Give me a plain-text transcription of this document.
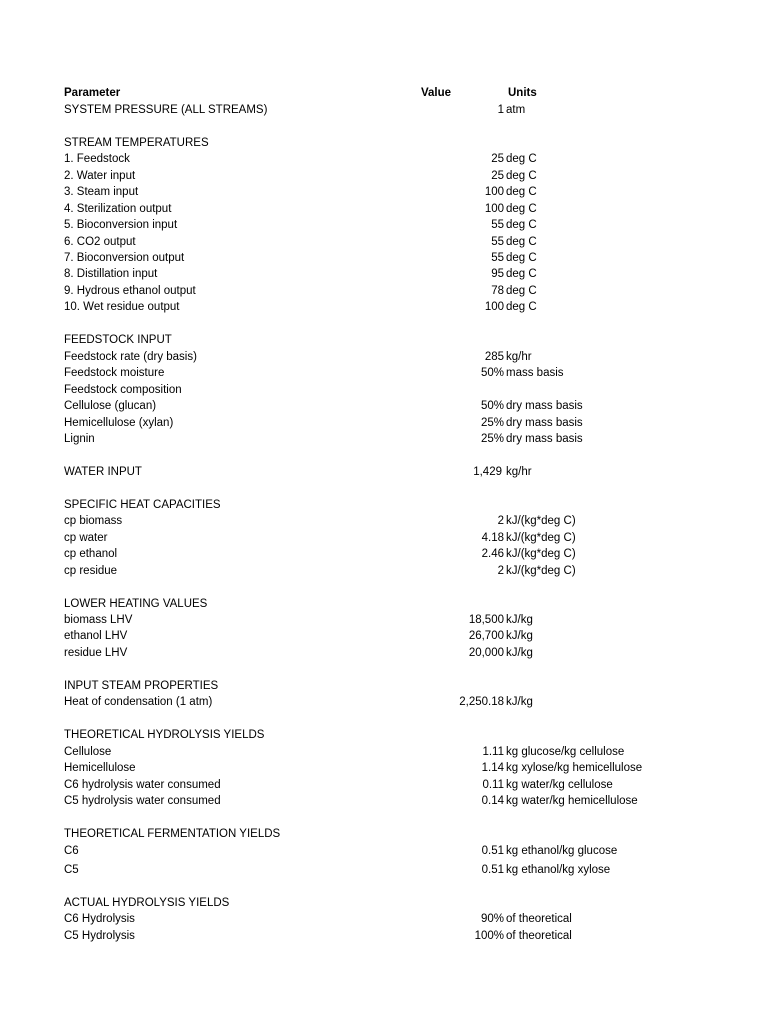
Parameter	Value	Units
SYSTEM PRESSURE (ALL STREAMS)	1 atm
STREAM TEMPERATURES
1. Feedstock	25 deg C
2. Water input	25 deg C
3. Steam input	100 deg C
4. Sterilization output	100 deg C
5. Bioconversion input	55 deg C
6. CO2 output	55 deg C
7. Bioconversion output	55 deg C
8. Distillation input	95 deg C
9. Hydrous ethanol output	78 deg C
10. Wet residue output	100 deg C
FEEDSTOCK INPUT
Feedstock rate (dry basis)	285 kg/hr
Feedstock moisture	50% mass basis
Feedstock composition
Cellulose (glucan)	50% dry mass basis
Hemicellulose (xylan)	25% dry mass basis
Lignin	25% dry mass basis
WATER INPUT	1,429 kg/hr
SPECIFIC HEAT CAPACITIES
cp biomass	2 kJ/(kg*deg C)
cp water	4.18 kJ/(kg*deg C)
cp ethanol	2.46 kJ/(kg*deg C)
cp residue	2 kJ/(kg*deg C)
LOWER HEATING VALUES
biomass LHV	18,500 kJ/kg
ethanol LHV	26,700 kJ/kg
residue LHV	20,000 kJ/kg
INPUT STEAM PROPERTIES
Heat of condensation (1 atm)	2,250.18 kJ/kg
THEORETICAL HYDROLYSIS YIELDS
Cellulose	1.11 kg glucose/kg cellulose
Hemicellulose	1.14 kg xylose/kg hemicellulose
C6 hydrolysis water consumed	0.11 kg water/kg cellulose
C5 hydrolysis water consumed	0.14 kg water/kg hemicellulose
THEORETICAL FERMENTATION YIELDS
C6	0.51 kg ethanol/kg glucose
C5	0.51 kg ethanol/kg xylose
ACTUAL HYDROLYSIS YIELDS
C6 Hydrolysis	90% of theoretical
C5 Hydrolysis	100% of theoretical
